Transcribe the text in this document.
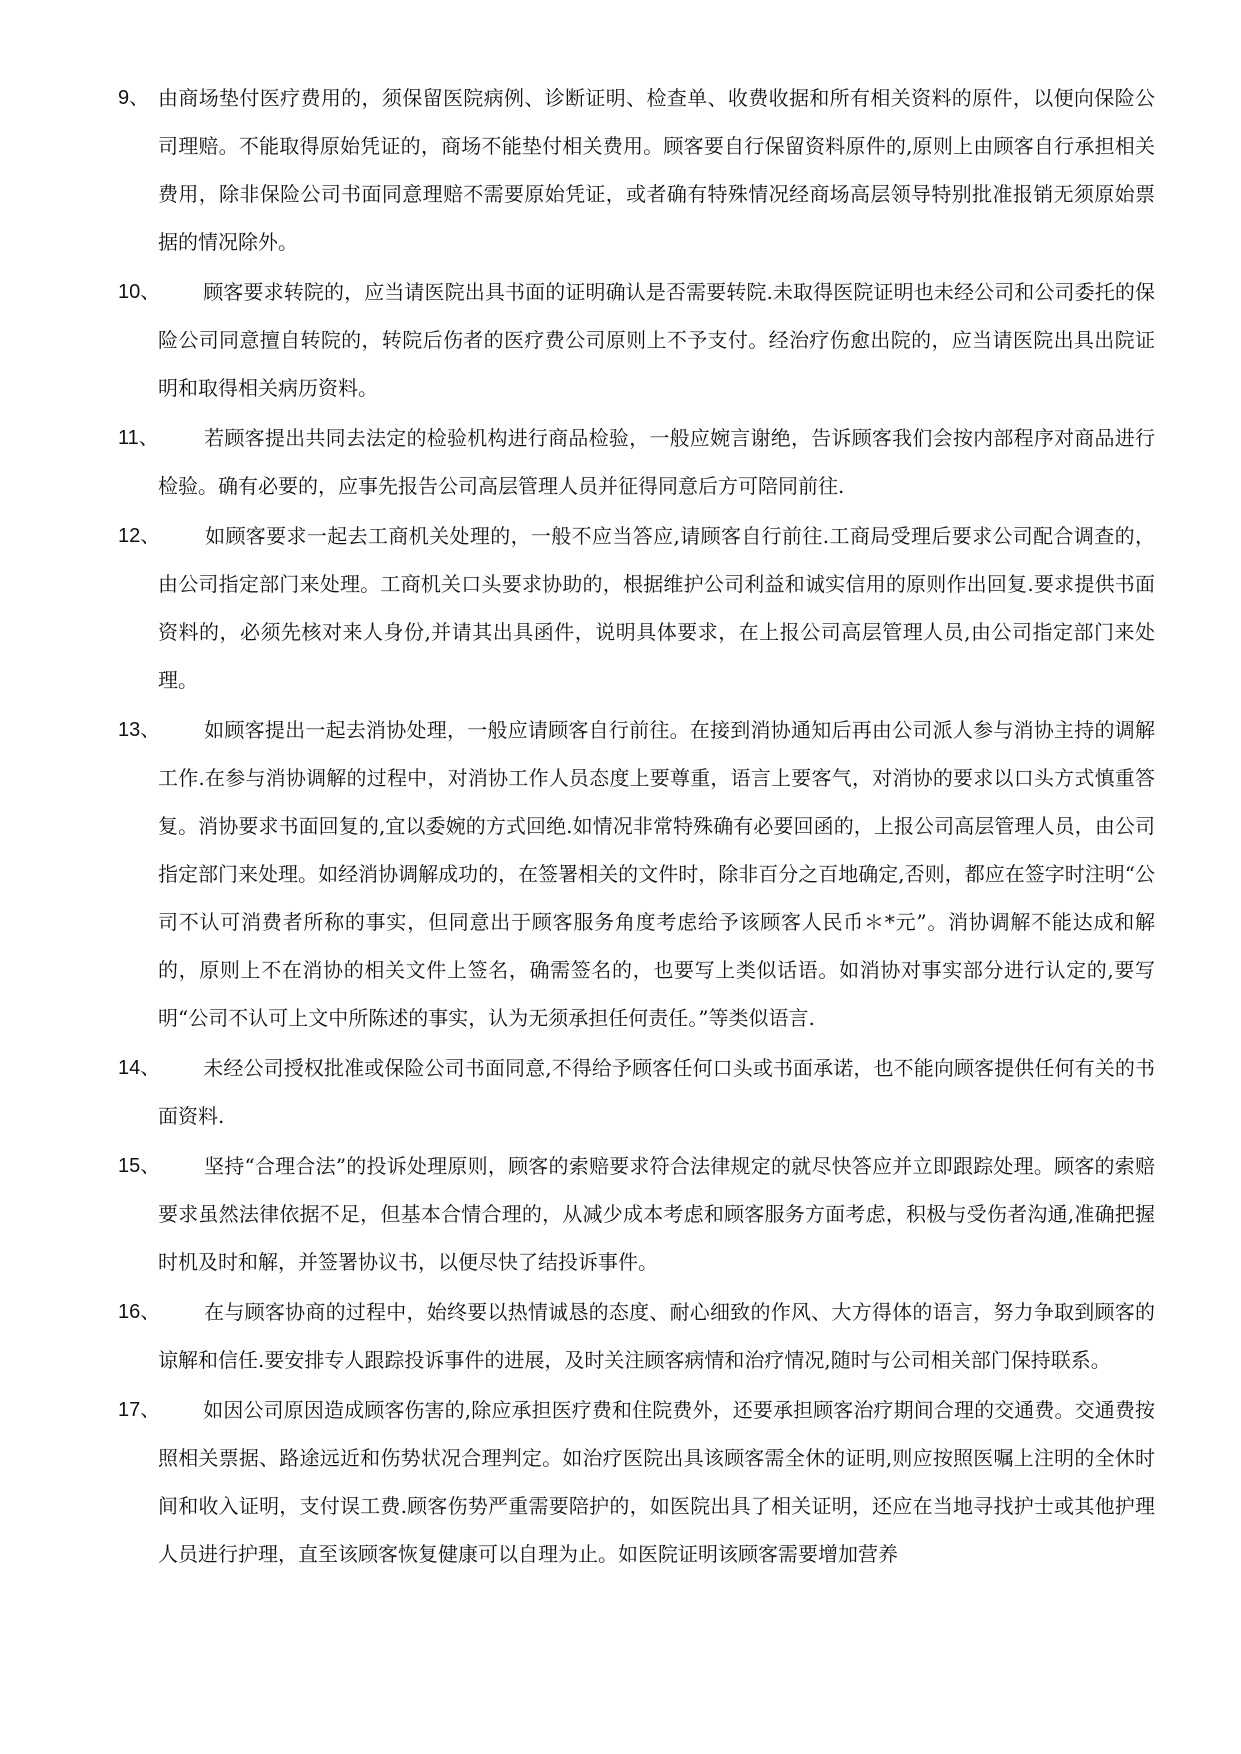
9、 由商场垫付医疗费用的，须保留医院病例、诊断证明、检查单、收费收据和所有相关资料的原件，以便向保险公司理赔。不能取得原始凭证的，商场不能垫付相关费用。顾客要自行保留资料原件的,原则上由顾客自行承担相关费用，除非保险公司书面同意理赔不需要原始凭证，或者确有特殊情况经商场高层领导特别批准报销无须原始票据的情况除外。
10、
顾客要求转院的，应当请医院出具书面的证明确认是否需要转院.未取得医院证明也未经公司和公司委托的保险公司同意擅自转院的，转院后伤者的医疗费公司原则上不予支付。经治疗伤愈出院的，应当请医院出具出院证明和取得相关病历资料。
11、 若顾客提出共同去法定的检验机构进行商品检验，一般应婉言谢绝，告诉顾客我们会按内部程序对商品进行检验。确有必要的，应事先报告公司高层管理人员并征得同意后方可陪同前往.
12、
如顾客要求一起去工商机关处理的，一般不应当答应,请顾客自行前往.工商局受理后要求公司配合调查的，由公司指定部门来处理。工商机关口头要求协助的，根据维护公司利益和诚实信用的原则作出回复.要求提供书面资料的，必须先核对来人身份,并请其出具函件，说明具体要求，在上报公司高层管理人员,由公司指定部门来处理。
13、
如顾客提出一起去消协处理，一般应请顾客自行前往。在接到消协通知后再由公司派人参与消协主持的调解工作.在参与消协调解的过程中，对消协工作人员态度上要尊重，语言上要客气，对消协的要求以口头方式慎重答复。消协要求书面回复的,宜以委婉的方式回绝.如情况非常特殊确有必要回函的，上报公司高层管理人员，由公司指定部门来处理。如经消协调解成功的，在签署相关的文件时，除非百分之百地确定,否则，都应在签字时注明“公司不认可消费者所称的事实，但同意出于顾客服务角度考虑给予该顾客人民币＊*元”。消协调解不能达成和解的，原则上不在消协的相关文件上签名，确需签名的，也要写上类似话语。如消协对事实部分进行认定的,要写明“公司不认可上文中所陈述的事实，认为无须承担任何责任。”等类似语言.
14、
未经公司授权批准或保险公司书面同意,不得给予顾客任何口头或书面承诺，也不能向顾客提供任何有关的书面资料.
15、
坚持“合理合法”的投诉处理原则，顾客的索赔要求符合法律规定的就尽快答应并立即跟踪处理。顾客的索赔要求虽然法律依据不足，但基本合情合理的，从减少成本考虑和顾客服务方面考虑，积极与受伤者沟通,准确把握时机及时和解，并签署协议书，以便尽快了结投诉事件。
16、
在与顾客协商的过程中，始终要以热情诚恳的态度、耐心细致的作风、大方得体的语言，努力争取到顾客的谅解和信任.要安排专人跟踪投诉事件的进展，及时关注顾客病情和治疗情况,随时与公司相关部门保持联系。
17、
如因公司原因造成顾客伤害的,除应承担医疗费和住院费外，还要承担顾客治疗期间合理的交通费。交通费按照相关票据、路途远近和伤势状况合理判定。如治疗医院出具该顾客需全休的证明,则应按照医嘱上注明的全休时间和收入证明，支付误工费.顾客伤势严重需要陪护的，如医院出具了相关证明，还应在当地寻找护士或其他护理人员进行护理，直至该顾客恢复健康可以自理为止。如医院证明该顾客需要增加营养
